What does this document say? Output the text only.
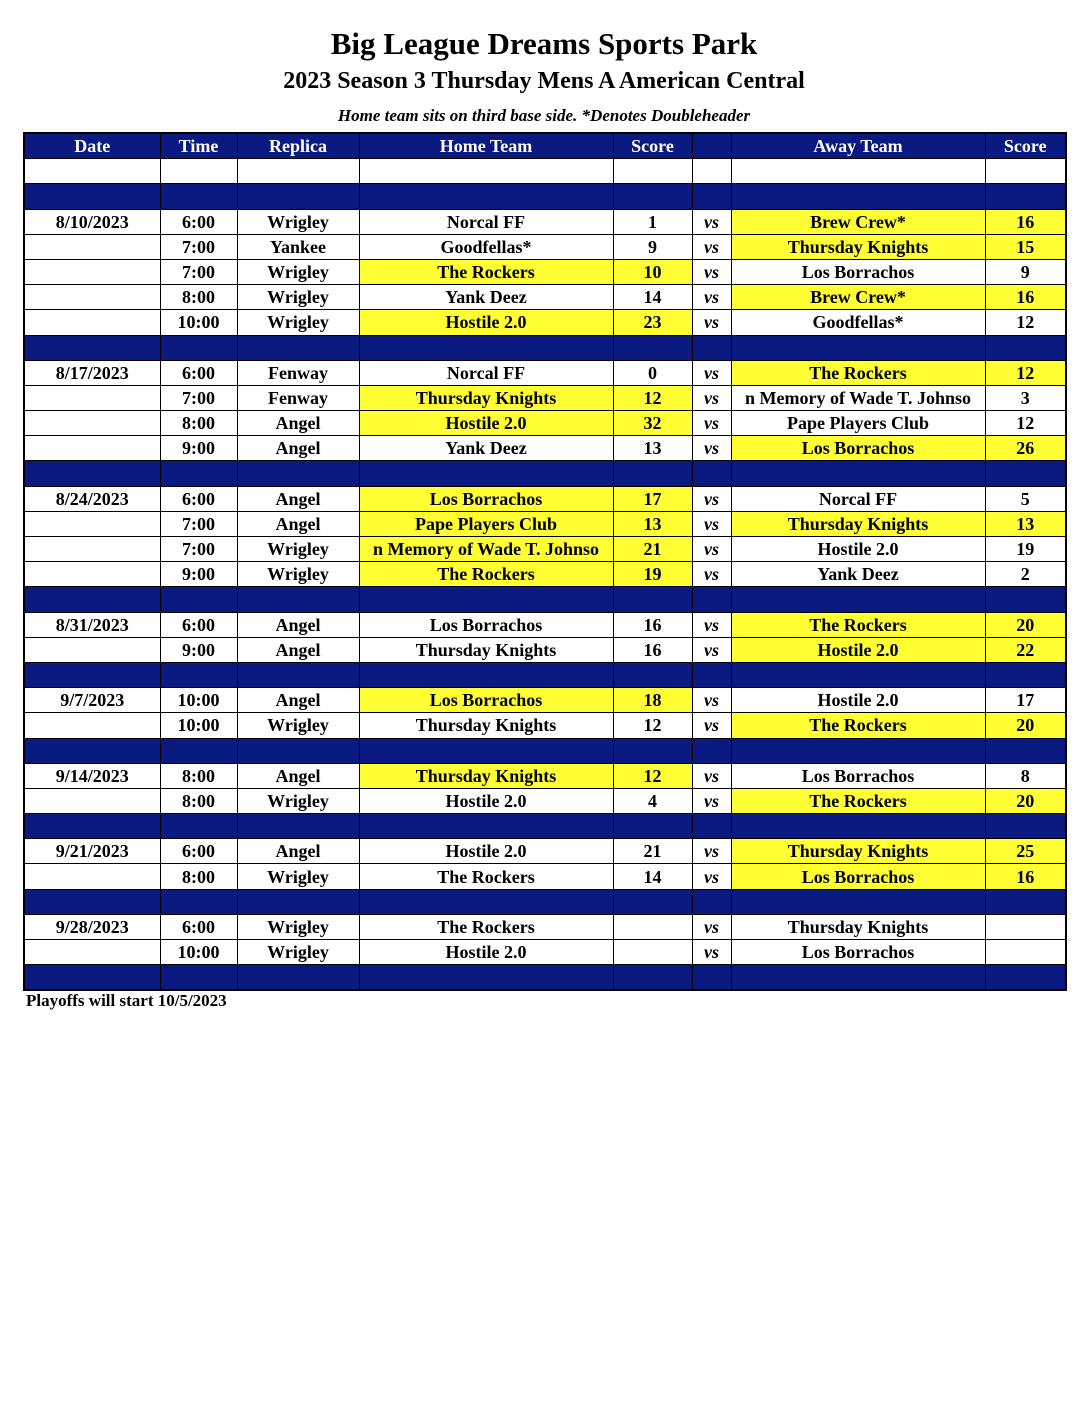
Big League Dreams Sports Park
2023 Season 3 Thursday Mens A American Central
Home team sits on third base side. *Denotes Doubleheader
Date	Time	Replica	Home Team	Score		Away Team	Score

8/10/2023	6:00	Wrigley	Norcal FF	1	vs	Brew Crew*	16
	7:00	Yankee	Goodfellas*	9	vs	Thursday Knights	15
	7:00	Wrigley	The Rockers	10	vs	Los Borrachos	9
	8:00	Wrigley	Yank Deez	14	vs	Brew Crew*	16
	10:00	Wrigley	Hostile 2.0	23	vs	Goodfellas*	12

8/17/2023	6:00	Fenway	Norcal FF	0	vs	The Rockers	12
	7:00	Fenway	Thursday Knights	12	vs	n Memory of Wade T. Johnso	3
	8:00	Angel	Hostile 2.0	32	vs	Pape Players Club	12
	9:00	Angel	Yank Deez	13	vs	Los Borrachos	26

8/24/2023	6:00	Angel	Los Borrachos	17	vs	Norcal FF	5
	7:00	Angel	Pape Players Club	13	vs	Thursday Knights	13
	7:00	Wrigley	n Memory of Wade T. Johnso	21	vs	Hostile 2.0	19
	9:00	Wrigley	The Rockers	19	vs	Yank Deez	2

8/31/2023	6:00	Angel	Los Borrachos	16	vs	The Rockers	20
	9:00	Angel	Thursday Knights	16	vs	Hostile 2.0	22

9/7/2023	10:00	Angel	Los Borrachos	18	vs	Hostile 2.0	17
	10:00	Wrigley	Thursday Knights	12	vs	The Rockers	20

9/14/2023	8:00	Angel	Thursday Knights	12	vs	Los Borrachos	8
	8:00	Wrigley	Hostile 2.0	4	vs	The Rockers	20

9/21/2023	6:00	Angel	Hostile 2.0	21	vs	Thursday Knights	25
	8:00	Wrigley	The Rockers	14	vs	Los Borrachos	16

9/28/2023	6:00	Wrigley	The Rockers		vs	Thursday Knights	
	10:00	Wrigley	Hostile 2.0		vs	Los Borrachos	

Playoffs will start 10/5/2023
